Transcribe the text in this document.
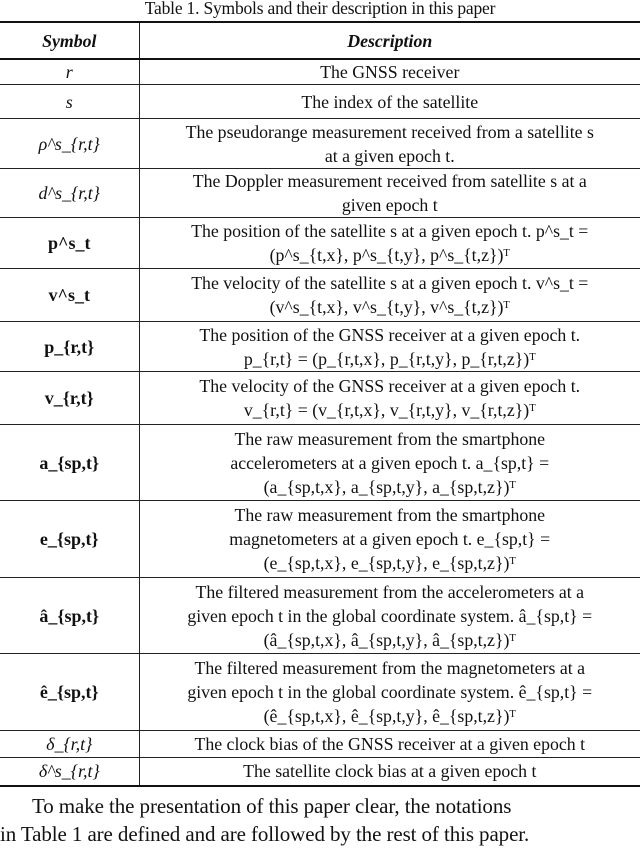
Table 1. Symbols and their description in this paper
Symbol	Description
r	The GNSS receiver
s	The index of the satellite
ρ^s_{r,t}	The pseudorange measurement received from a satellite s
at a given epoch t.
d^s_{r,t}	The Doppler measurement received from satellite s at a
given epoch t
p^s_t	The position of the satellite s at a given epoch t. p^s_t =
(p^s_{t,x}, p^s_{t,y}, p^s_{t,z})ᵀ
v^s_t	The velocity of the satellite s at a given epoch t. v^s_t =
(v^s_{t,x}, v^s_{t,y}, v^s_{t,z})ᵀ
p_{r,t}	The position of the GNSS receiver at a given epoch t.
p_{r,t} = (p_{r,t,x}, p_{r,t,y}, p_{r,t,z})ᵀ
v_{r,t}	The velocity of the GNSS receiver at a given epoch t.
v_{r,t} = (v_{r,t,x}, v_{r,t,y}, v_{r,t,z})ᵀ
a_{sp,t}	The raw measurement from the smartphone
accelerometers at a given epoch t. a_{sp,t} =
(a_{sp,t,x}, a_{sp,t,y}, a_{sp,t,z})ᵀ
e_{sp,t}	The raw measurement from the smartphone
magnetometers at a given epoch t. e_{sp,t} =
(e_{sp,t,x}, e_{sp,t,y}, e_{sp,t,z})ᵀ
â_{sp,t}	The filtered measurement from the accelerometers at a
given epoch t in the global coordinate system. â_{sp,t} =
(â_{sp,t,x}, â_{sp,t,y}, â_{sp,t,z})ᵀ
ê_{sp,t}	The filtered measurement from the magnetometers at a
given epoch t in the global coordinate system. ê_{sp,t} =
(ê_{sp,t,x}, ê_{sp,t,y}, ê_{sp,t,z})ᵀ
δ_{r,t}	The clock bias of the GNSS receiver at a given epoch t
δ^s_{r,t}	The satellite clock bias at a given epoch t
To make the presentation of this paper clear, the notations
in Table 1 are defined and are followed by the rest of this paper.
